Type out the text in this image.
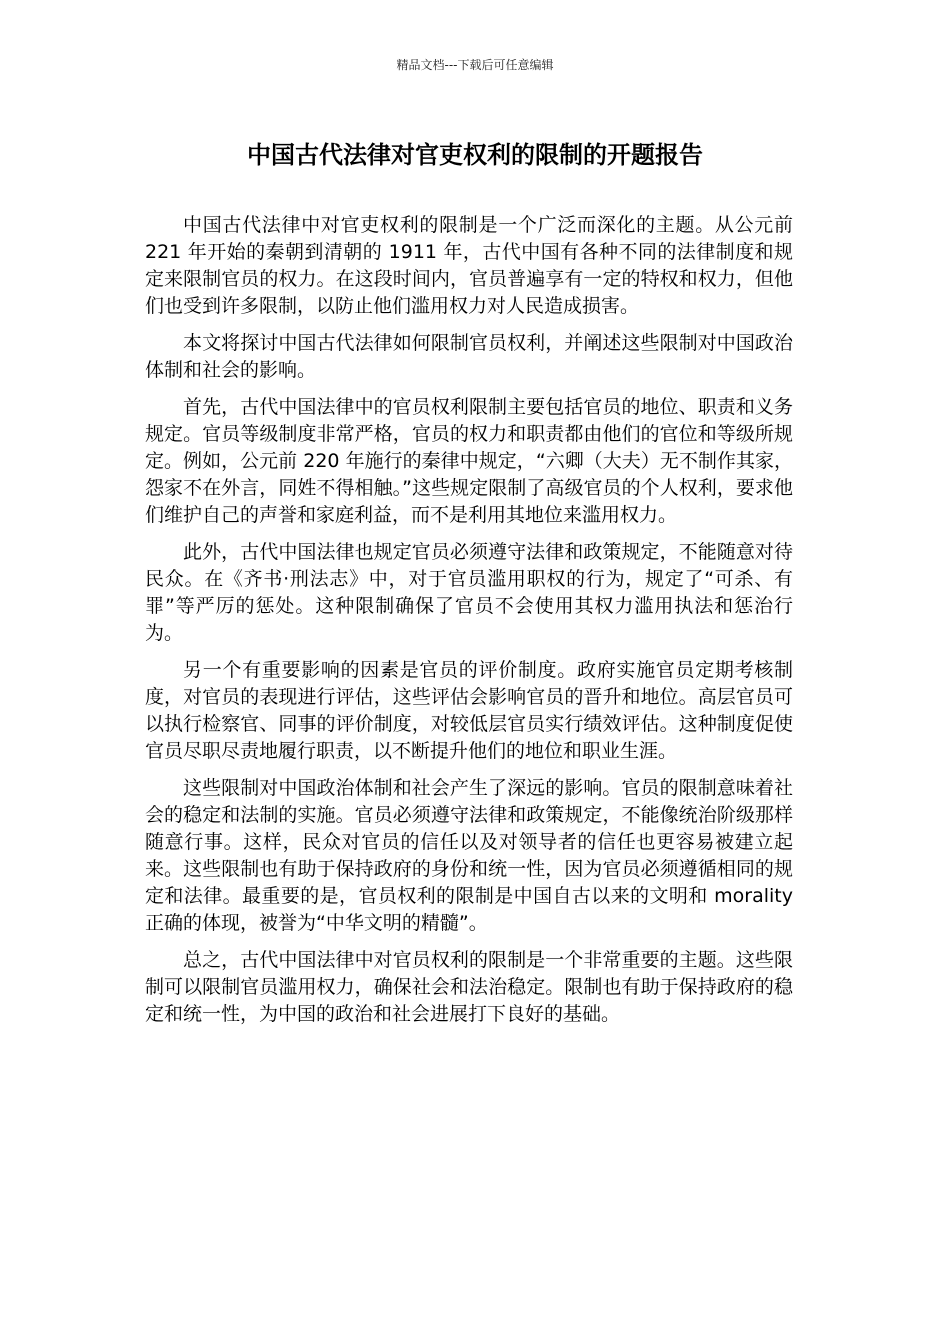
精品文档---下载后可任意编辑
中国古代法律对官吏权利的限制的开题报告

中国古代法律中对官吏权利的限制是一个广泛而深化的主题。从公元前 221 年开始的秦朝到清朝的 1911 年，古代中国有各种不同的法律制度和规定来限制官员的权力。在这段时间内，官员普遍享有一定的特权和权力，但他们也受到许多限制，以防止他们滥用权力对人民造成损害。

本文将探讨中国古代法律如何限制官员权利，并阐述这些限制对中国政治体制和社会的影响。

首先，古代中国法律中的官员权利限制主要包括官员的地位、职责和义务规定。官员等级制度非常严格，官员的权力和职责都由他们的官位和等级所规定。例如，公元前 220 年施行的秦律中规定，“六卿（大夫）无不制作其家，怨家不在外言，同姓不得相触。”这些规定限制了高级官员的个人权利，要求他们维护自己的声誉和家庭利益，而不是利用其地位来滥用权力。

此外，古代中国法律也规定官员必须遵守法律和政策规定，不能随意对待民众。在《齐书·刑法志》中，对于官员滥用职权的行为，规定了“可杀、有罪”等严厉的惩处。这种限制确保了官员不会使用其权力滥用执法和惩治行为。

另一个有重要影响的因素是官员的评价制度。政府实施官员定期考核制度，对官员的表现进行评估，这些评估会影响官员的晋升和地位。高层官员可以执行检察官、同事的评价制度，对较低层官员实行绩效评估。这种制度促使官员尽职尽责地履行职责，以不断提升他们的地位和职业生涯。

这些限制对中国政治体制和社会产生了深远的影响。官员的限制意味着社会的稳定和法制的实施。官员必须遵守法律和政策规定，不能像统治阶级那样随意行事。这样，民众对官员的信任以及对领导者的信任也更容易被建立起来。这些限制也有助于保持政府的身份和统一性，因为官员必须遵循相同的规定和法律。最重要的是，官员权利的限制是中国自古以来的文明和 morality 正确的体现，被誉为“中华文明的精髓”。

总之，古代中国法律中对官员权利的限制是一个非常重要的主题。这些限制可以限制官员滥用权力，确保社会和法治稳定。限制也有助于保持政府的稳定和统一性，为中国的政治和社会进展打下良好的基础。
